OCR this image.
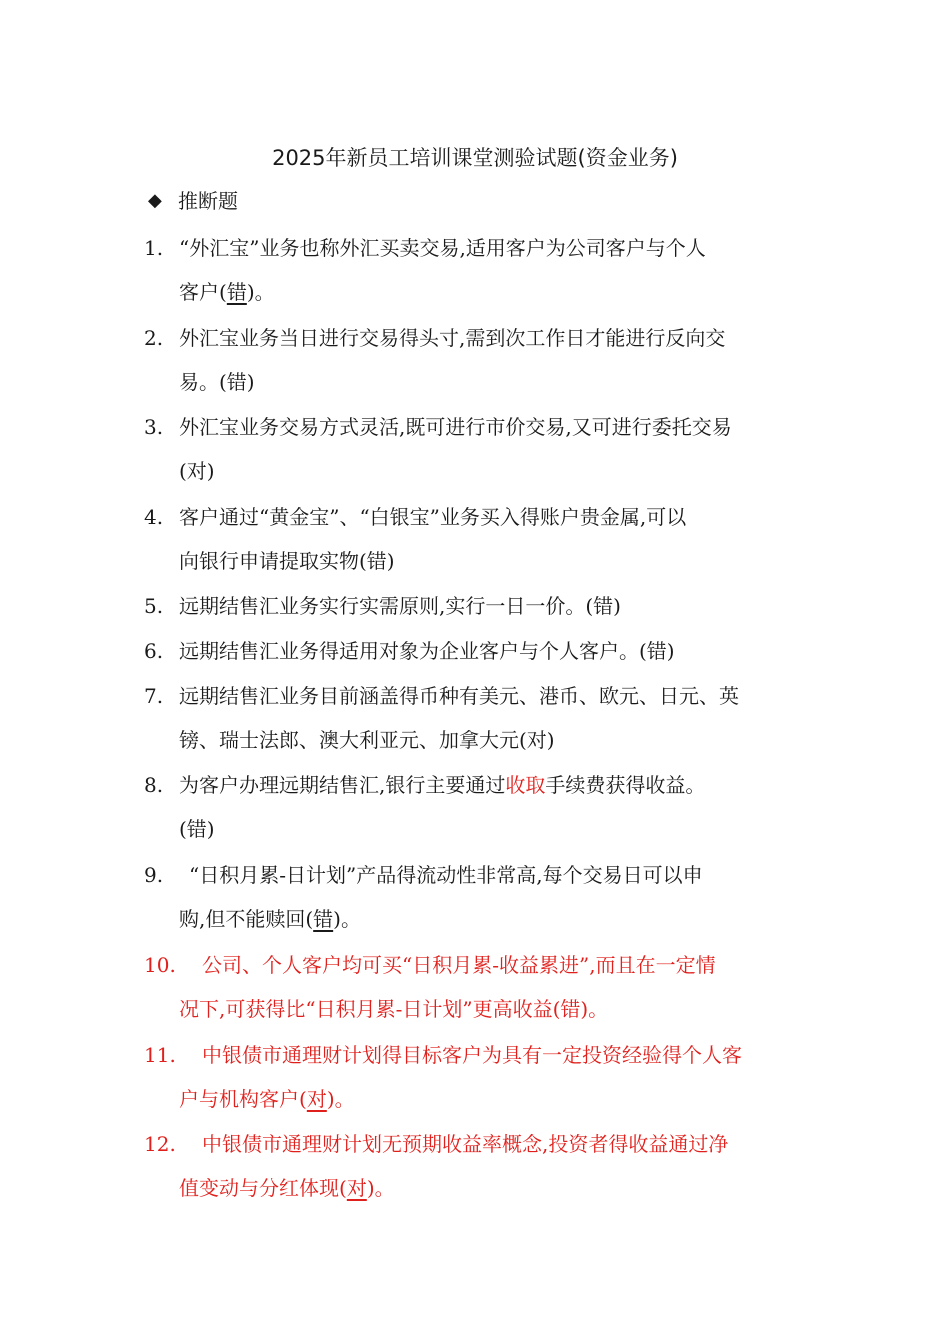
2025年新员工培训课堂测验试题(资金业务)
◆ 推断题
1. “外汇宝”业务也称外汇买卖交易,适用客户为公司客户与个人
客户(错)。
2. 外汇宝业务当日进行交易得头寸,需到次工作日才能进行反向交
易。(错)
3. 外汇宝业务交易方式灵活,既可进行市价交易,又可进行委托交易
(对)
4. 客户通过“黄金宝”、“白银宝”业务买入得账户贵金属,可以
向银行申请提取实物(错)
5. 远期结售汇业务实行实需原则,实行一日一价。(错)
6. 远期结售汇业务得适用对象为企业客户与个人客户。(错)
7. 远期结售汇业务目前涵盖得币种有美元、港币、欧元、日元、英
镑、瑞士法郎、澳大利亚元、加拿大元(对)
8. 为客户办理远期结售汇,银行主要通过收取手续费获得收益。
(错)
9. “日积月累-日计划”产品得流动性非常高,每个交易日可以申
购,但不能赎回(错)。
10. 公司、个人客户均可买“日积月累-收益累进”,而且在一定情
况下,可获得比“日积月累-日计划”更高收益(错)。
11. 中银债市通理财计划得目标客户为具有一定投资经验得个人客
户与机构客户(对)。
12. 中银债市通理财计划无预期收益率概念,投资者得收益通过净
值变动与分红体现(对)。
